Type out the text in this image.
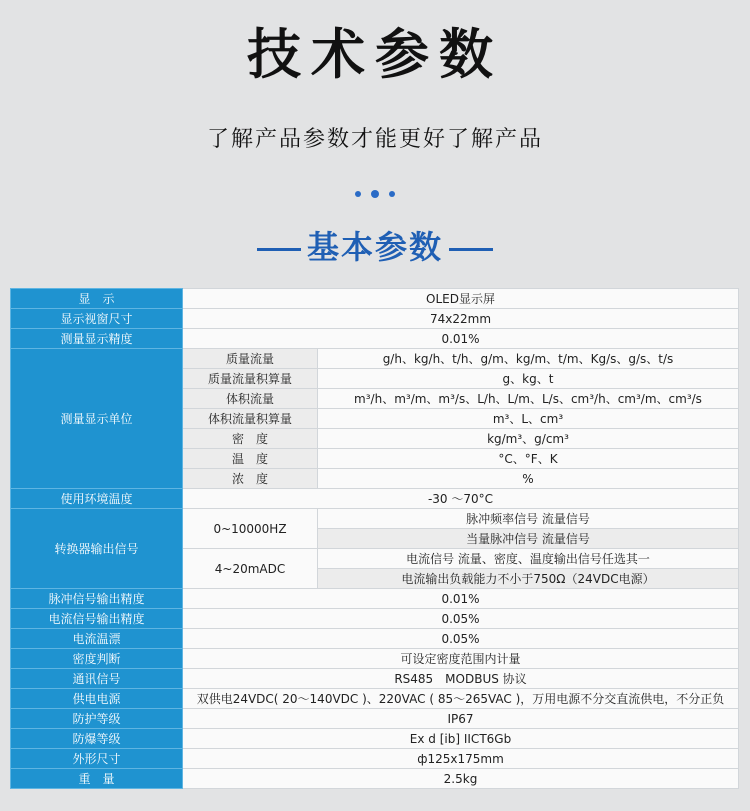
技术参数
了解产品参数才能更好了解产品
基本参数
显　示	OLED显示屏	
显示视窗尺寸	74x22mm	
测量显示精度	0.01%	
测量显示单位	质量流量	g/h、kg/h、t/h、g/m、kg/m、t/m、Kg/s、g/s、t/s
	质量流量积算量	g、kg、t
	体积流量	m³/h、m³/m、m³/s、L/h、L/m、L/s、cm³/h、cm³/m、cm³/s
	体积流量积算量	m³、L、cm³
	密　度	kg/m³、g/cm³
	温　度	°C、°F、K
	浓　度	%
使用环境温度	-30 ～70°C	
转换器输出信号	0~10000HZ	脉冲频率信号 流量信号
		当量脉冲信号 流量信号
	4~20mADC	电流信号 流量、密度、温度输出信号任选其一
		电流输出负载能力不小于750Ω（24VDC电源）
脉冲信号输出精度	0.01%	
电流信号输出精度	0.05%	
电流温漂	0.05%	
密度判断	可设定密度范围内计量	
通讯信号	RS485　MODBUS 协议	
供电电源	双供电24VDC( 20～140VDC )、220VAC ( 85～265VAC )，万用电源不分交直流供电，不分正负	
防护等级	IP67	
防爆等级	Ex d [ib] IICT6Gb	
外形尺寸	ф125x175mm	
重　量	2.5kg	
